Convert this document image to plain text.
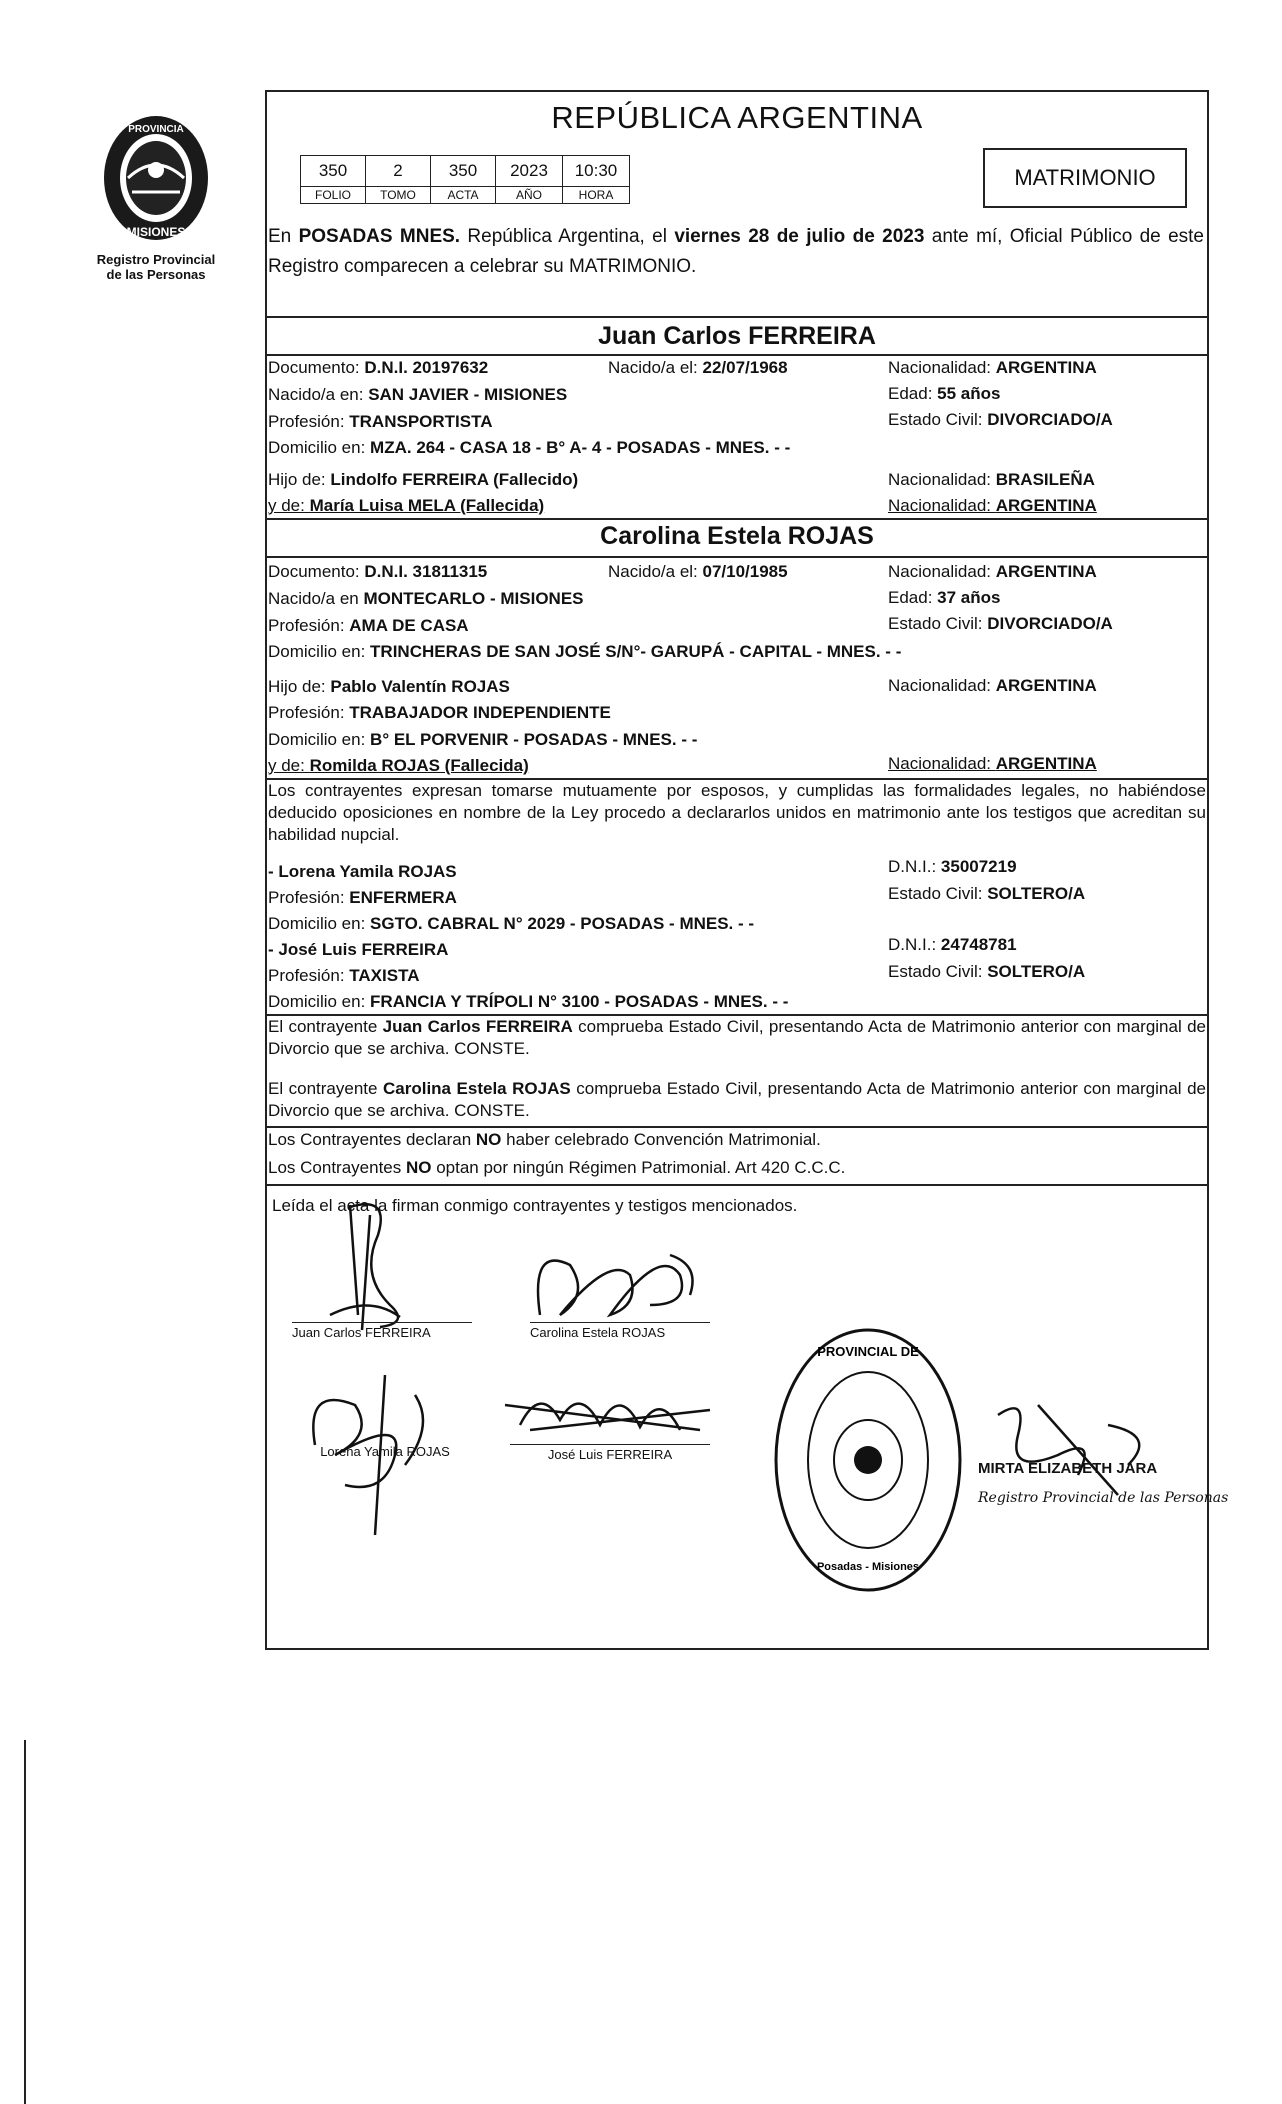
PROVINCIA
MISIONES
Registro Provincial
de las Personas
REPÚBLICA ARGENTINA
350	2	350	2023	10:30
FOLIO	TOMO	ACTA	AÑO	HORA
MATRIMONIO
En POSADAS MNES. República Argentina, el viernes 28 de julio de 2023 ante mí, Oficial Público de este Registro comparecen a celebrar su MATRIMONIO.
Juan Carlos FERREIRA
Documento: D.N.I. 20197632	Nacido/a el: 22/07/1968	Nacionalidad: ARGENTINA
Nacido/a en: SAN JAVIER - MISIONES	Edad: 55 años
Profesión: TRANSPORTISTA	Estado Civil: DIVORCIADO/A
Domicilio en: MZA. 264 - CASA 18 - B° A- 4 - POSADAS - MNES. - -
Hijo de: Lindolfo FERREIRA (Fallecido)	Nacionalidad: BRASILEÑA
y de: María Luisa MELA (Fallecida)	Nacionalidad: ARGENTINA
Carolina Estela ROJAS
Documento: D.N.I. 31811315	Nacido/a el: 07/10/1985	Nacionalidad: ARGENTINA
Nacido/a en MONTECARLO - MISIONES	Edad: 37 años
Profesión: AMA DE CASA	Estado Civil: DIVORCIADO/A
Domicilio en: TRINCHERAS DE SAN JOSÉ S/N°- GARUPÁ - CAPITAL - MNES. - -
Hijo de: Pablo Valentín ROJAS	Nacionalidad: ARGENTINA
Profesión: TRABAJADOR INDEPENDIENTE
Domicilio en: B° EL PORVENIR - POSADAS - MNES. - -
y de: Romilda ROJAS (Fallecida)	Nacionalidad: ARGENTINA
Los contrayentes expresan tomarse mutuamente por esposos, y cumplidas las formalidades legales, no habiéndose deducido oposiciones en nombre de la Ley procedo a declararlos unidos en matrimonio ante los testigos que acreditan su habilidad nupcial.
- Lorena Yamila ROJAS	D.N.I.: 35007219
Profesión: ENFERMERA	Estado Civil: SOLTERO/A
Domicilio en: SGTO. CABRAL N° 2029 - POSADAS - MNES. - -
- José Luis FERREIRA	D.N.I.: 24748781
Profesión: TAXISTA	Estado Civil: SOLTERO/A
Domicilio en: FRANCIA Y TRÍPOLI N° 3100 - POSADAS - MNES. - -
El contrayente Juan Carlos FERREIRA comprueba Estado Civil, presentando Acta de Matrimonio anterior con marginal de Divorcio que se archiva. CONSTE.
El contrayente Carolina Estela ROJAS comprueba Estado Civil, presentando Acta de Matrimonio anterior con marginal de Divorcio que se archiva. CONSTE.
Los Contrayentes declaran NO haber celebrado Convención Matrimonial.
Los Contrayentes NO optan por ningún Régimen Patrimonial. Art 420 C.C.C.
Leída el acta la firman conmigo contrayentes y testigos mencionados.
Juan Carlos FERREIRA	Carolina Estela ROJAS
Lorena Yamila ROJAS	José Luis FERREIRA
PROVINCIAL DE
Posadas - Misiones
MIRTA ELIZABETH JARA
Registro Provincial de las Personas
